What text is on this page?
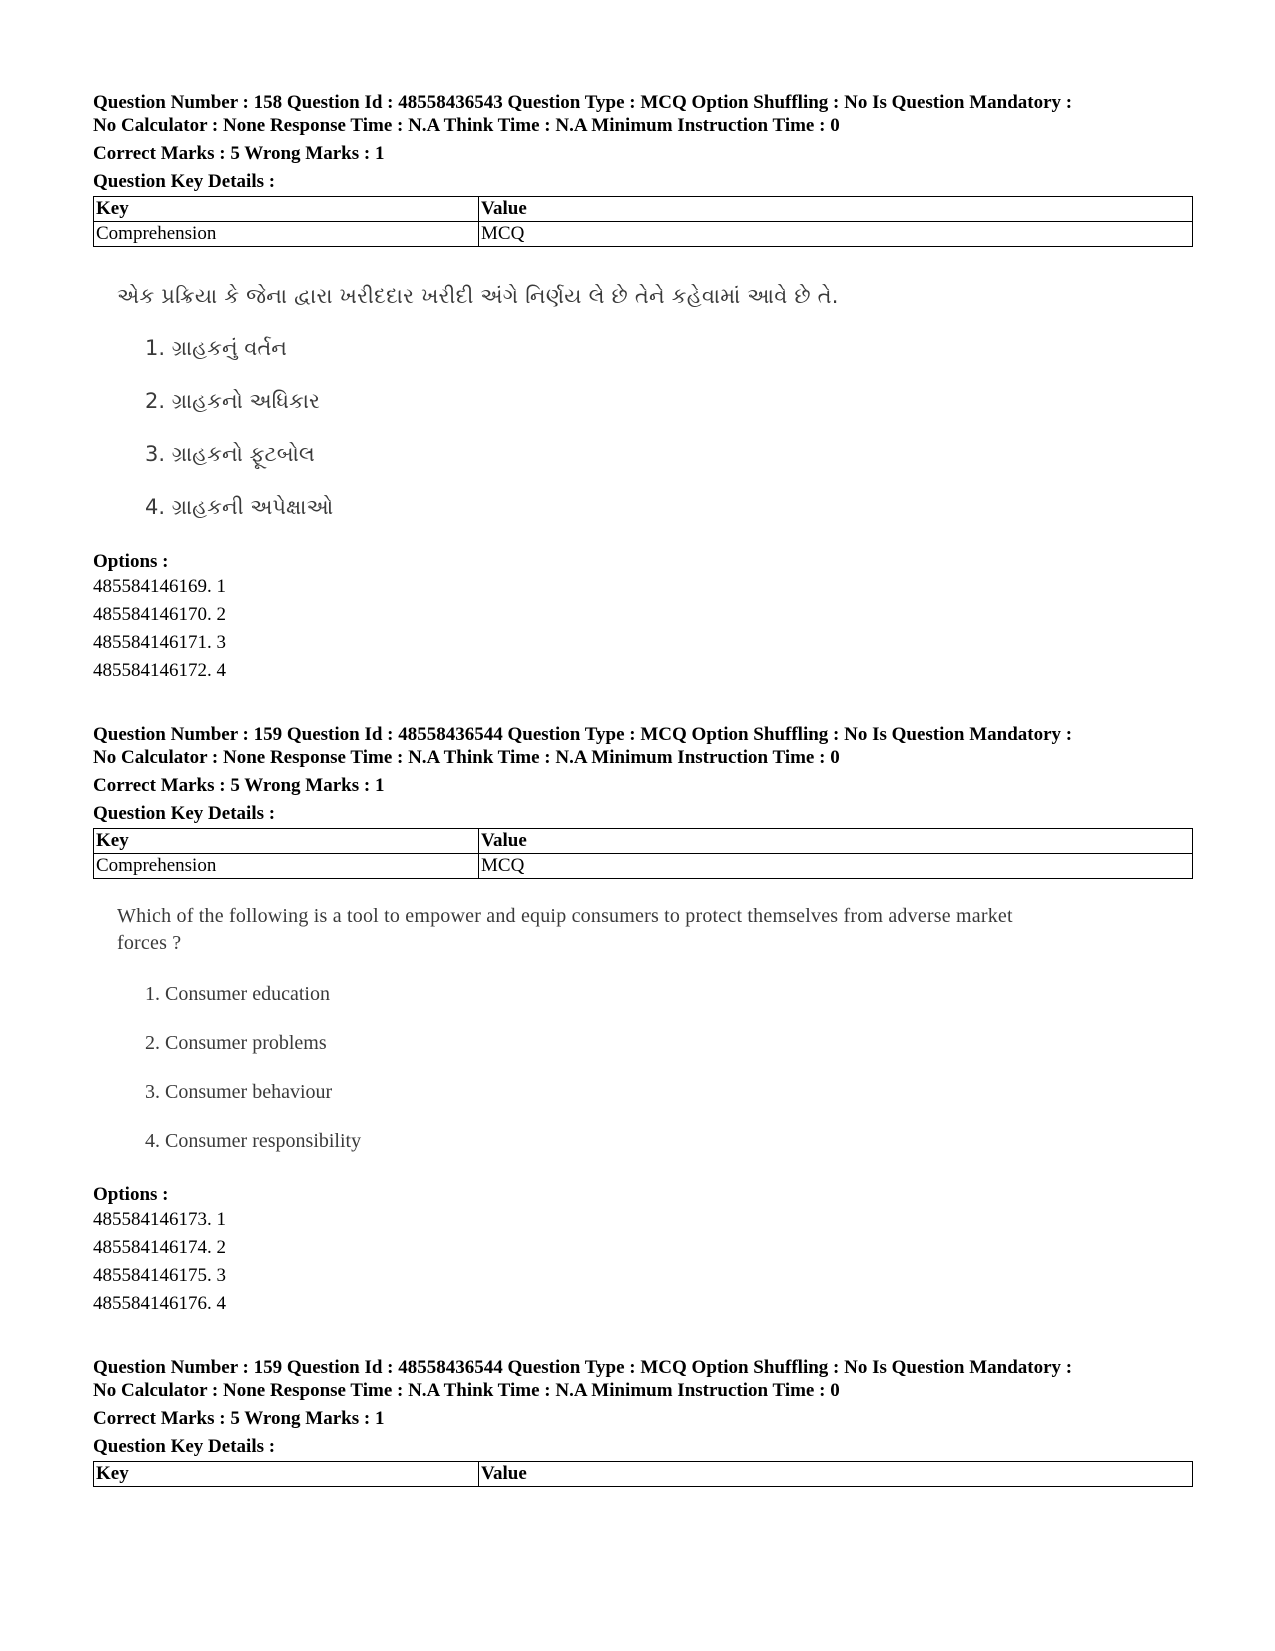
Question Number : 158 Question Id : 48558436543 Question Type : MCQ Option Shuffling : No Is Question Mandatory :
No Calculator : None Response Time : N.A Think Time : N.A Minimum Instruction Time : 0
Correct Marks : 5 Wrong Marks : 1
Question Key Details :
Key	Value
Comprehension	MCQ
એક પ્રક્રિયા કે જેના દ્વારા ખરીદદાર ખરીદી અંગે નિર્ણય લે છે તેને કહેવામાં આવે છે તે.
1. ગ્રાહકનું વર્તન
2. ગ્રાહકનો અધિકાર
3. ગ્રાહકનો ફૂટબોલ
4. ગ્રાહકની અપેક્ષાઓ
Options :
485584146169. 1
485584146170. 2
485584146171. 3
485584146172. 4
Question Number : 159 Question Id : 48558436544 Question Type : MCQ Option Shuffling : No Is Question Mandatory :
No Calculator : None Response Time : N.A Think Time : N.A Minimum Instruction Time : 0
Correct Marks : 5 Wrong Marks : 1
Question Key Details :
Key	Value
Comprehension	MCQ
Which of the following is a tool to empower and equip consumers to protect themselves from adverse market
forces ?
1. Consumer education
2. Consumer problems
3. Consumer behaviour
4. Consumer responsibility
Options :
485584146173. 1
485584146174. 2
485584146175. 3
485584146176. 4
Question Number : 159 Question Id : 48558436544 Question Type : MCQ Option Shuffling : No Is Question Mandatory :
No Calculator : None Response Time : N.A Think Time : N.A Minimum Instruction Time : 0
Correct Marks : 5 Wrong Marks : 1
Question Key Details :
Key	Value
